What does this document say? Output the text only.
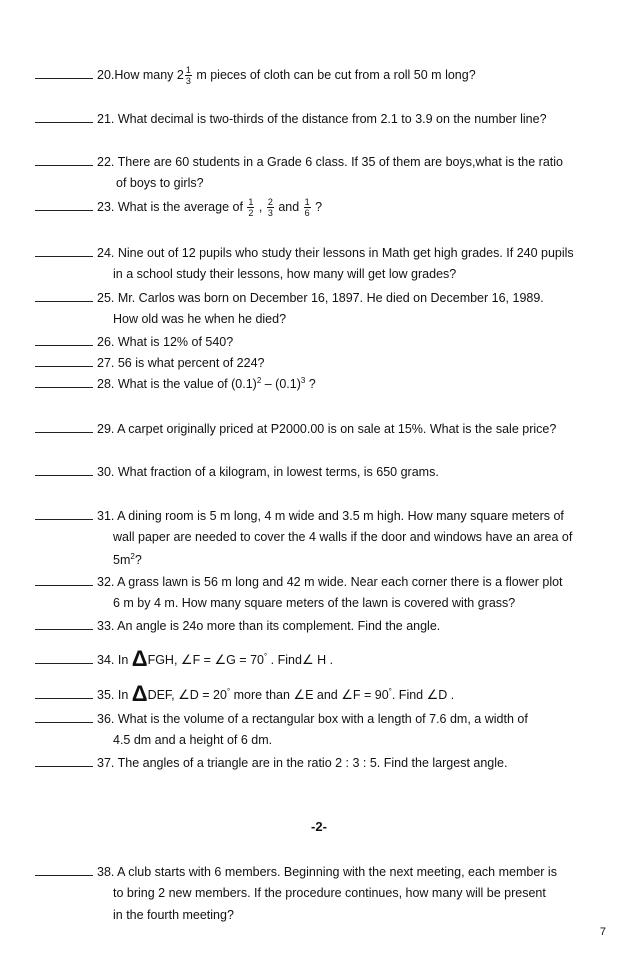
20.How many $2 \frac{1}{3}$ m pieces of cloth can be cut from a roll 50 m long?
21. What decimal is two-thirds of the distance from 2.1 to 3.9 on the number line?
22. There are 60 students in a Grade 6 class. If 35 of them are boys,what is the ratio
of boys to girls?
23. What is the average of $\frac{1}{2}$ , $\frac{2}{3}$ and $\frac{1}{6}$ ?
24. Nine out of 12 pupils who study their lessons in Math get high grades. If 240 pupils
in a school study their lessons, how many will get low grades?
25. Mr. Carlos was born on December 16, 1897. He died on December 16, 1989.
How old was he when he died?
26. What is 12% of 540?
27. 56 is what percent of 224?
28. What is the value of $(0.1)^2 - (0.1)^3$ ?
29. A carpet originally priced at P2000.00 is on sale at 15%. What is the sale price?
30. What fraction of a kilogram, in lowest terms, is 650 grams.
31. A dining room is 5 m long, 4 m wide and 3.5 m high. How many square meters of
wall paper are needed to cover the 4 walls if the door and windows have an area of
$5m^2$?
32. A grass lawn is 56 m long and 42 m wide. Near each corner there is a flower plot
6 m by 4 m. How many square meters of the lawn is covered with grass?
33. An angle is 24o more than its complement. Find the angle.
34. In ΔFGH, ∠F = ∠G = 70° . Find∠ H .
35. In ΔDEF, ∠D = 20° more than ∠E and ∠F = 90°. Find ∠D .
36. What is the volume of a rectangular box with a length of 7.6 dm, a width of
4.5 dm and a height of 6 dm.
37. The angles of a triangle are in the ratio 2 : 3 : 5. Find the largest angle.
-2-
38. A club starts with 6 members. Beginning with the next meeting, each member is
to bring 2 new members. If the procedure continues, how many will be present
in the fourth meeting?
7
